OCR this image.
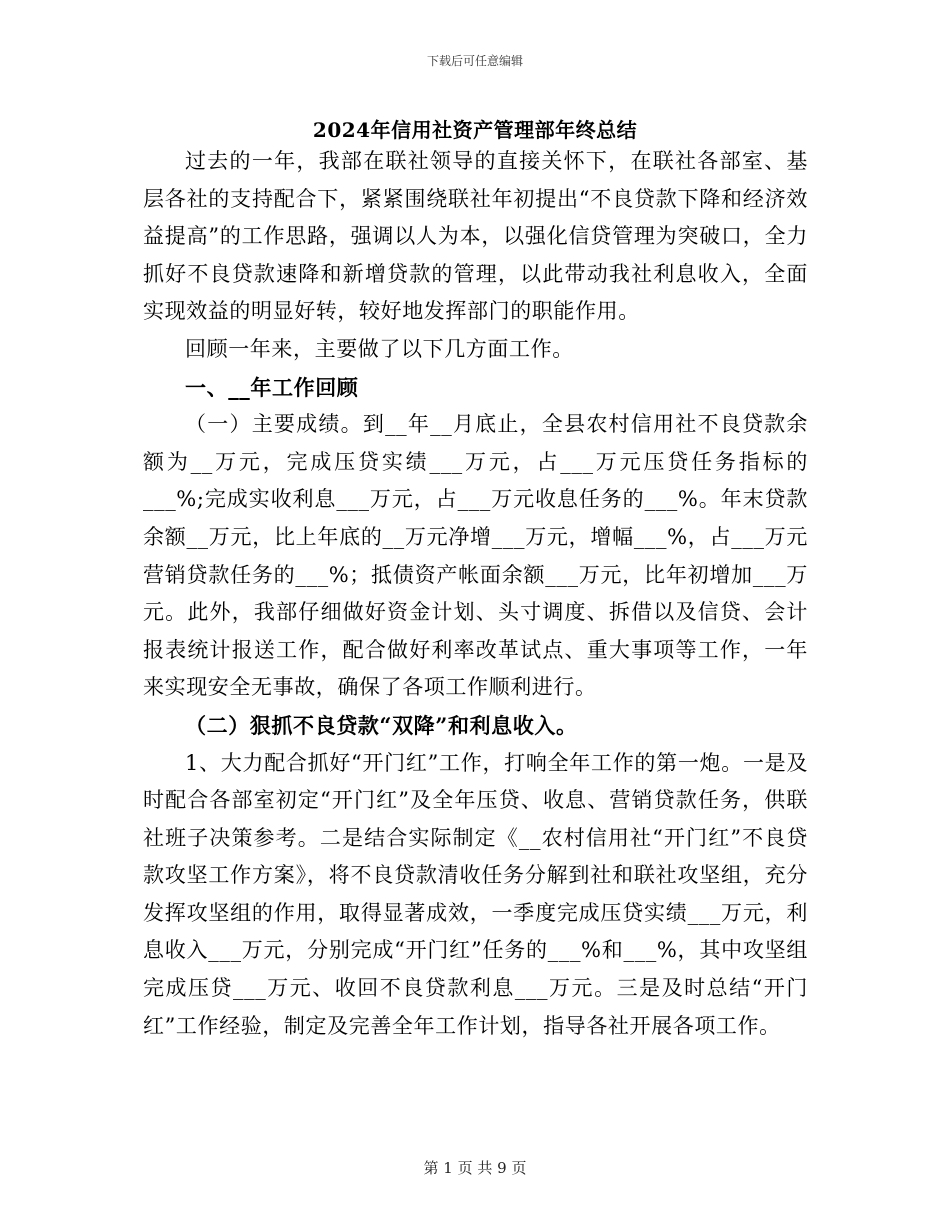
下载后可任意编辑
2024年信用社资产管理部年终总结

过去的一年，我部在联社领导的直接关怀下，在联社各部室、基层各社的支持配合下，紧紧围绕联社年初提出“不良贷款下降和经济效益提高”的工作思路，强调以人为本，以强化信贷管理为突破口，全力抓好不良贷款速降和新增贷款的管理，以此带动我社利息收入，全面实现效益的明显好转，较好地发挥部门的职能作用。

回顾一年来，主要做了以下几方面工作。

一、__年工作回顾

（一）主要成绩。到__年__月底止，全县农村信用社不良贷款余额为__万元，完成压贷实绩___万元，占___万元压贷任务指标的___%;完成实收利息___万元，占___万元收息任务的___%。年末贷款余额__万元，比上年底的__万元净增___万元，增幅___%，占___万元营销贷款任务的___%；抵债资产帐面余额___万元，比年初增加___万元。此外，我部仔细做好资金计划、头寸调度、拆借以及信贷、会计报表统计报送工作，配合做好利率改革试点、重大事项等工作，一年来实现安全无事故，确保了各项工作顺利进行。

（二）狠抓不良贷款“双降”和利息收入。

1、大力配合抓好“开门红”工作，打响全年工作的第一炮。一是及时配合各部室初定“开门红”及全年压贷、收息、营销贷款任务，供联社班子决策参考。二是结合实际制定《__农村信用社“开门红”不良贷款攻坚工作方案》，将不良贷款清收任务分解到社和联社攻坚组，充分发挥攻坚组的作用，取得显著成效，一季度完成压贷实绩___万元，利息收入___万元，分别完成“开门红”任务的___%和___%，其中攻坚组完成压贷___万元、收回不良贷款利息___万元。三是及时总结“开门红”工作经验，制定及完善全年工作计划，指导各社开展各项工作。

第 1 页 共 9 页
